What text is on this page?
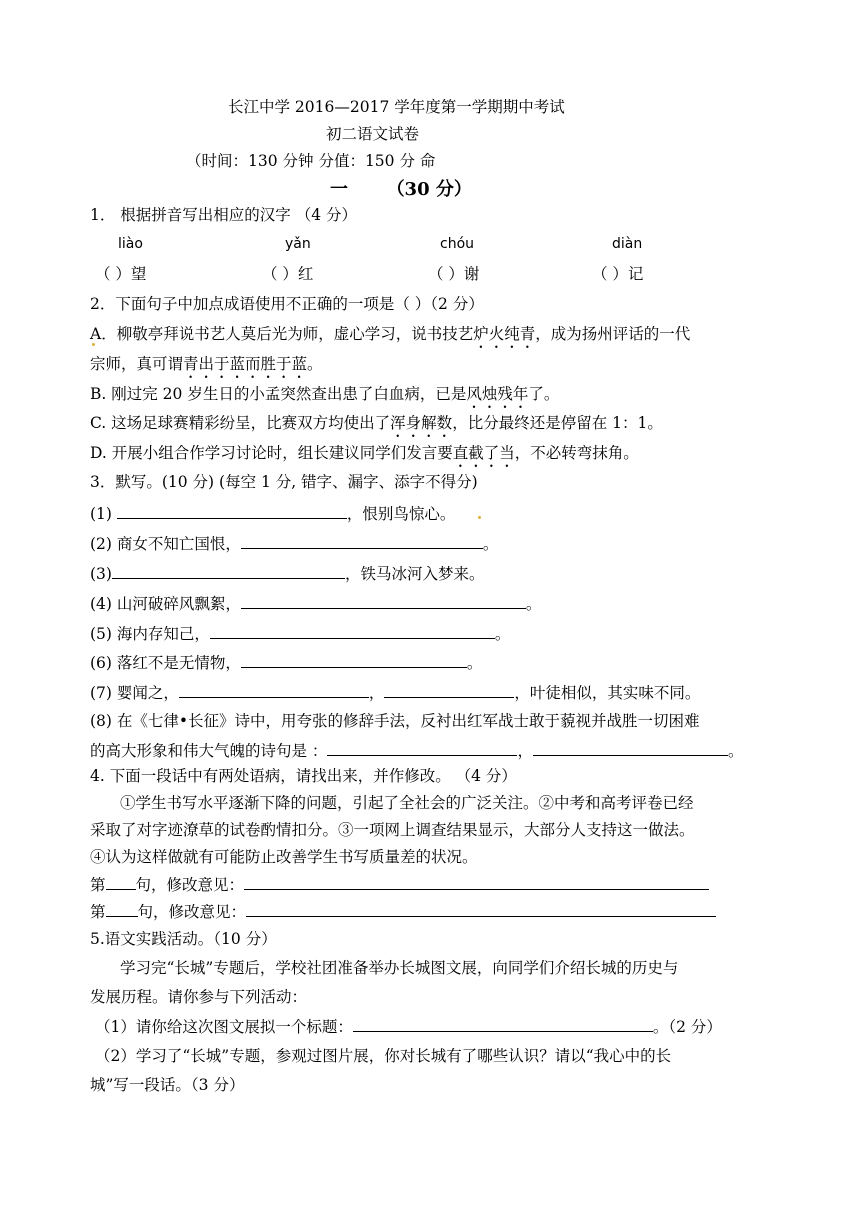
长江中学 2016—2017 学年度第一学期期中考试
初二语文试卷
（时间：130 分钟 分值：150 分 命
一 （30 分）
1． 根据拼音写出相应的汉字 （4 分）
liào	yǎn	chóu	diàn
（ ）望	（ ）红	（ ）谢	（ ）记
2．下面句子中加点成语使用不正确的一项是（ ）（2 分）
A．柳敬亭拜说书艺人莫后光为师，虚心学习，说书技艺炉火纯青，成为扬州评话的一代
宗师，真可谓青出于蓝而胜于蓝。
B. 刚过完 20 岁生日的小孟突然查出患了白血病，已是风烛残年了。
C. 这场足球赛精彩纷呈，比赛双方均使出了浑身解数，比分最终还是停留在 1：1。
D. 开展小组合作学习讨论时，组长建议同学们发言要直截了当，不必转弯抹角。
3．默写。(10 分) (每空 1 分, 错字、漏字、添字不得分)
(1)	，恨别鸟惊心。
(2) 商女不知亡国恨，	。
(3)	，铁马冰河入梦来。
(4) 山河破碎风飘絮，	。
(5) 海内存知己，	。
(6) 落红不是无情物，	。
(7) 婴闻之，	，	，叶徒相似，其实味不同。
(8) 在《七律•长征》诗中，用夸张的修辞手法，反衬出红军战士敢于藐视并战胜一切困难
的高大形象和伟大气魄的诗句是 ：	，	。
4. 下面一段话中有两处语病，请找出来，并作修改。 （4 分）
①学生书写水平逐渐下降的问题，引起了全社会的广泛关注。②中考和高考评卷已经
采取了对字迹潦草的试卷酌情扣分。③一项网上调查结果显示，大部分人支持这一做法。
④认为这样做就有可能防止改善学生书写质量差的状况。
第 句，修改意见：
第 句，修改意见：
5.语文实践活动。（10 分）
学习完“长城”专题后，学校社团准备举办长城图文展，向同学们介绍长城的历史与
发展历程。请你参与下列活动：
（1）请你给这次图文展拟一个标题：	。（2 分）
（2）学习了“长城”专题，参观过图片展，你对长城有了哪些认识？请以“我心中的长
城”写一段话。（3 分）
